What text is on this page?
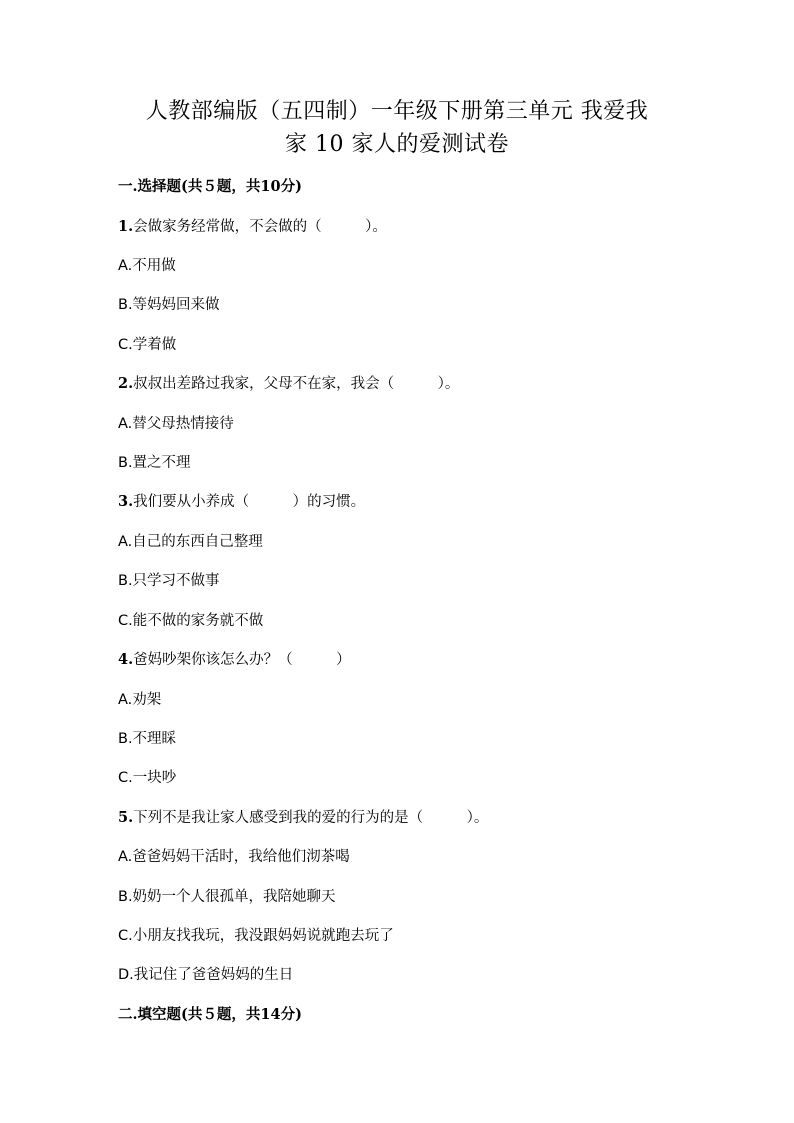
人教部编版（五四制）一年级下册第三单元 我爱我
家 10 家人的爱测试卷
一.选择题(共５题，共10分)
1.会做家务经常做，不会做的（　　　）。
A.不用做
B.等妈妈回来做
C.学着做
2.叔叔出差路过我家，父母不在家，我会（　　　）。
A.替父母热情接待
B.置之不理
3.我们要从小养成（　　　）的习惯。
A.自己的东西自己整理
B.只学习不做事
C.能不做的家务就不做
4.爸妈吵架你该怎么办？（　　　）
A.劝架
B.不理睬
C.一块吵
5.下列不是我让家人感受到我的爱的行为的是（　　　）。
A.爸爸妈妈干活时，我给他们沏茶喝
B.奶奶一个人很孤单，我陪她聊天
C.小朋友找我玩，我没跟妈妈说就跑去玩了
D.我记住了爸爸妈妈的生日
二.填空题(共５题，共14分)
